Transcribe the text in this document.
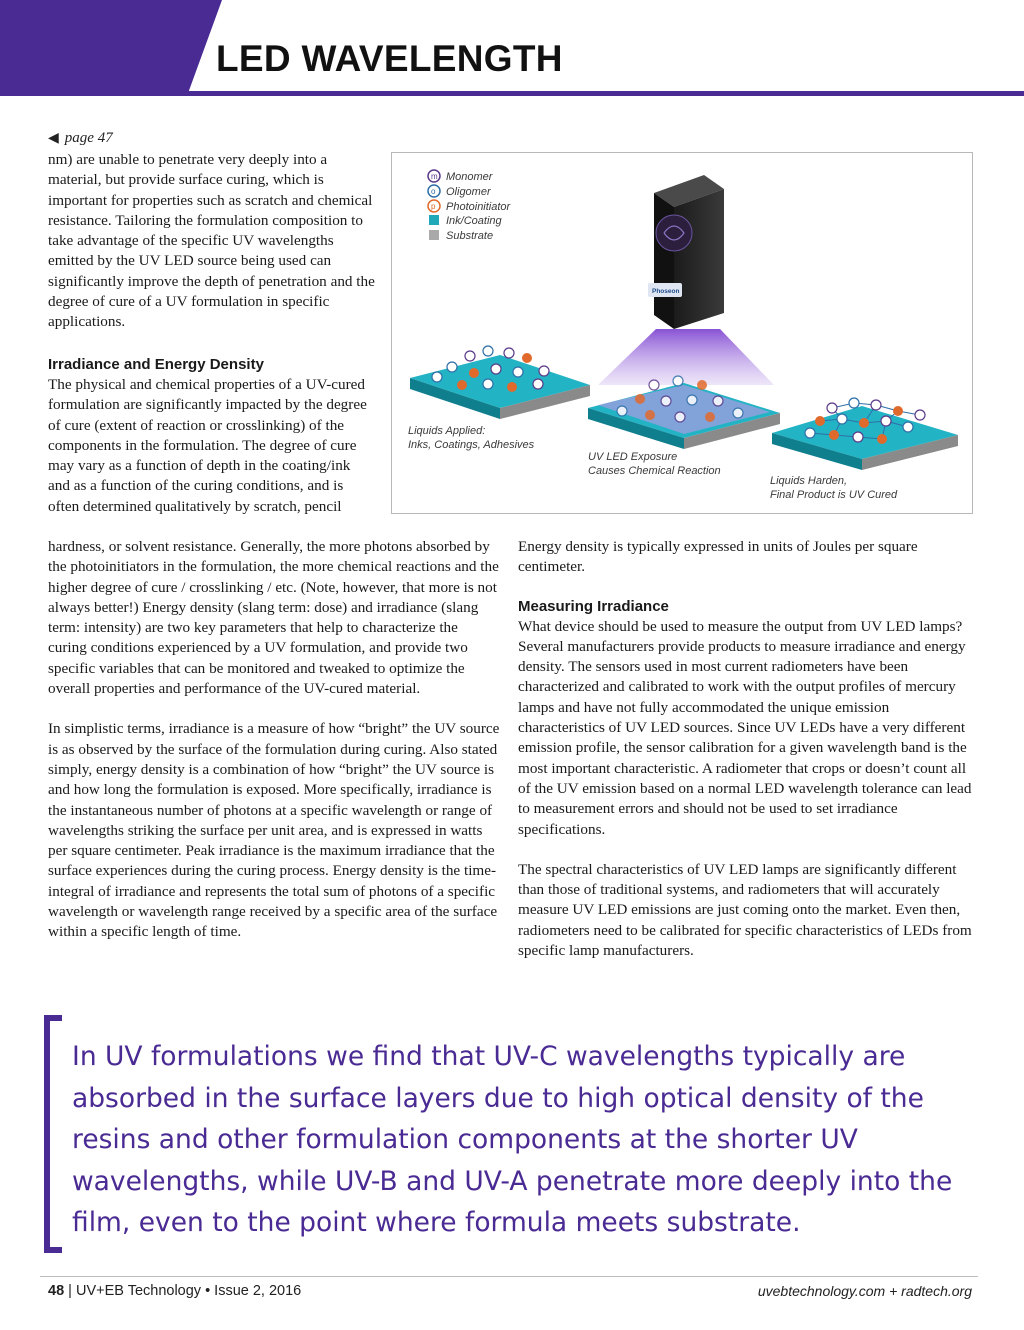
LED WAVELENGTH
◀ page 47

nm) are unable to penetrate very deeply into a material, but provide surface curing, which is important for properties such as scratch and chemical resistance. Tailoring the formulation composition to take advantage of the specific UV wavelengths emitted by the UV LED source being used can significantly improve the depth of penetration and the degree of cure of a UV formulation in specific applications.

Irradiance and Energy Density

The physical and chemical properties of a UV-cured formulation are significantly impacted by the degree of cure (extent of reaction or crosslinking) of the components in the formulation. The degree of cure may vary as a function of depth in the coating/ink and as a function of the curing conditions, and is often determined qualitatively by scratch, pencil

hardness, or solvent resistance. Generally, the more photons absorbed by the photoinitiators in the formulation, the more chemical reactions and the higher degree of cure / crosslinking / etc. (Note, however, that more is not always better!) Energy density (slang term: dose) and irradiance (slang term: intensity) are two key parameters that help to characterize the curing conditions experienced by a UV formulation, and provide two specific variables that can be monitored and tweaked to optimize the overall properties and performance of the UV-cured material.

In simplistic terms, irradiance is a measure of how “bright” the UV source is as observed by the surface of the formulation during curing. Also stated simply, energy density is a combination of how “bright” the UV source is and how long the formulation is exposed. More specifically, irradiance is the instantaneous number of photons at a specific wavelength or range of wavelengths striking the surface per unit area, and is expressed in watts per square centimeter. Peak irradiance is the maximum irradiance that the surface experiences during the curing process. Energy density is the time-integral of irradiance and represents the total sum of photons of a specific wavelength or wavelength range received by a specific area of the surface within a specific length of time.

Energy density is typically expressed in units of Joules per square centimeter.

Measuring Irradiance

What device should be used to measure the output from UV LED lamps? Several manufacturers provide products to measure irradiance and energy density. The sensors used in most current radiometers have been characterized and calibrated to work with the output profiles of mercury lamps and have not fully accommodated the unique emission characteristics of UV LED sources. Since UV LEDs have a very different emission profile, the sensor calibration for a given wavelength band is the most important characteristic. A radiometer that crops or doesn’t count all of the UV emission based on a normal LED wavelength tolerance can lead to measurement errors and should not be used to set irradiance specifications.

The spectral characteristics of UV LED lamps are significantly different than those of traditional systems, and radiometers that will accurately measure UV LED emissions are just coming onto the market. Even then, radiometers need to be calibrated for specific characteristics of LEDs from specific lamp manufacturers.

m Monomer
o Oligomer
p Photoinitiator
Ink/Coating
Substrate
Phoseon
Liquids Applied:
Inks, Coatings, Adhesives
UV LED Exposure
Causes Chemical Reaction
Liquids Harden,
Final Product is UV Cured

In UV formulations we find that UV-C wavelengths typically are absorbed in the surface layers due to high optical density of the resins and other formulation components at the shorter UV wavelengths, while UV-B and UV-A penetrate more deeply into the film, even to the point where formula meets substrate.

48 | UV+EB Technology • Issue 2, 2016	uvebtechnology.com + radtech.org
